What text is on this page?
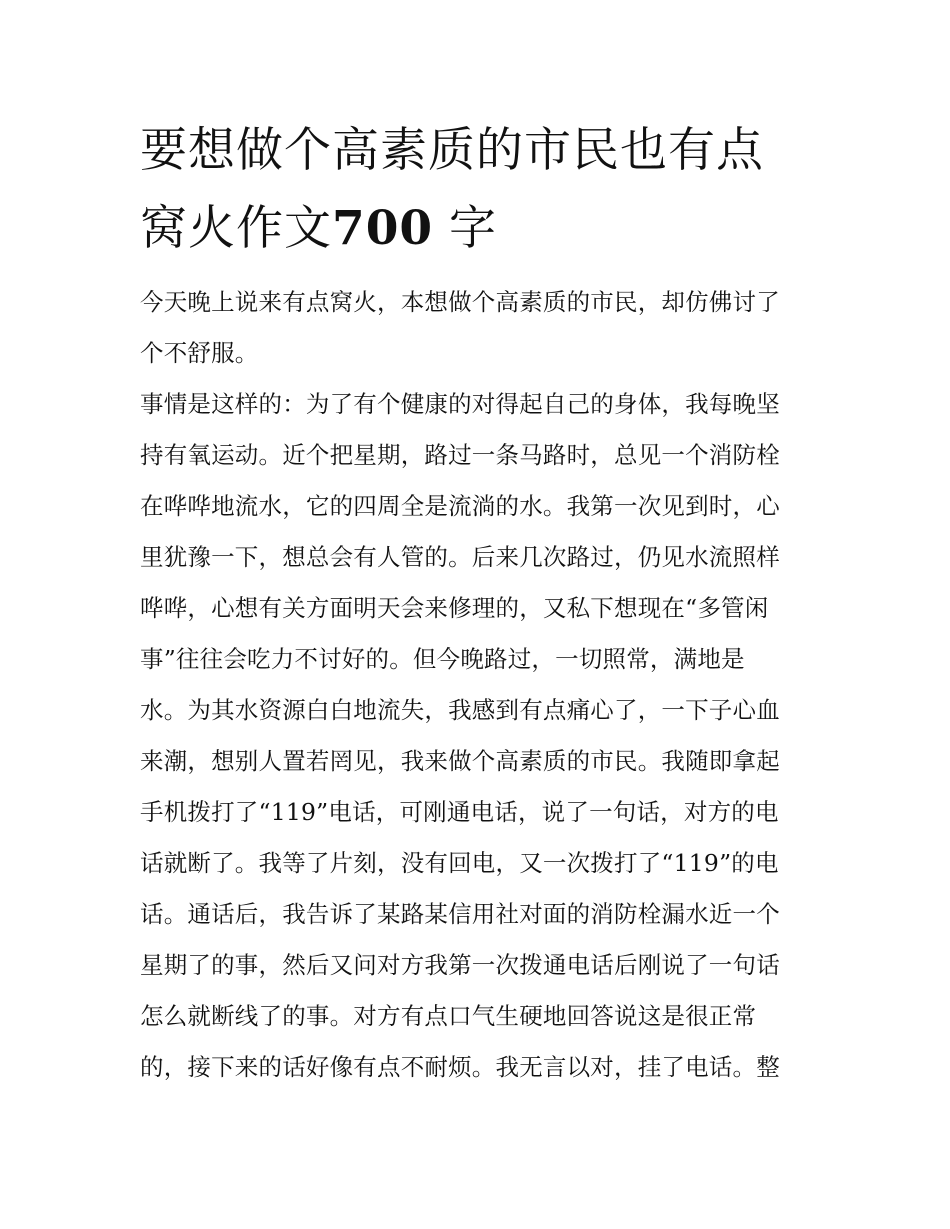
要想做个高素质的市民也有点
窝火作文700 字
今天晚上说来有点窝火，本想做个高素质的市民，却仿佛讨了
个不舒服。
事情是这样的：为了有个健康的对得起自己的身体，我每晚坚
持有氧运动。近个把星期，路过一条马路时，总见一个消防栓
在哗哗地流水，它的四周全是流淌的水。我第一次见到时，心
里犹豫一下，想总会有人管的。后来几次路过，仍见水流照样
哗哗，心想有关方面明天会来修理的，又私下想现在“多管闲
事”往往会吃力不讨好的。但今晚路过，一切照常，满地是
水。为其水资源白白地流失，我感到有点痛心了，一下子心血
来潮，想别人置若罔见，我来做个高素质的市民。我随即拿起
手机拨打了“119”电话，可刚通电话，说了一句话，对方的电
话就断了。我等了片刻，没有回电，又一次拨打了“119”的电
话。通话后，我告诉了某路某信用社对面的消防栓漏水近一个
星期了的事，然后又问对方我第一次拨通电话后刚说了一句话
怎么就断线了的事。对方有点口气生硬地回答说这是很正常
的，接下来的话好像有点不耐烦。我无言以对，挂了电话。整
